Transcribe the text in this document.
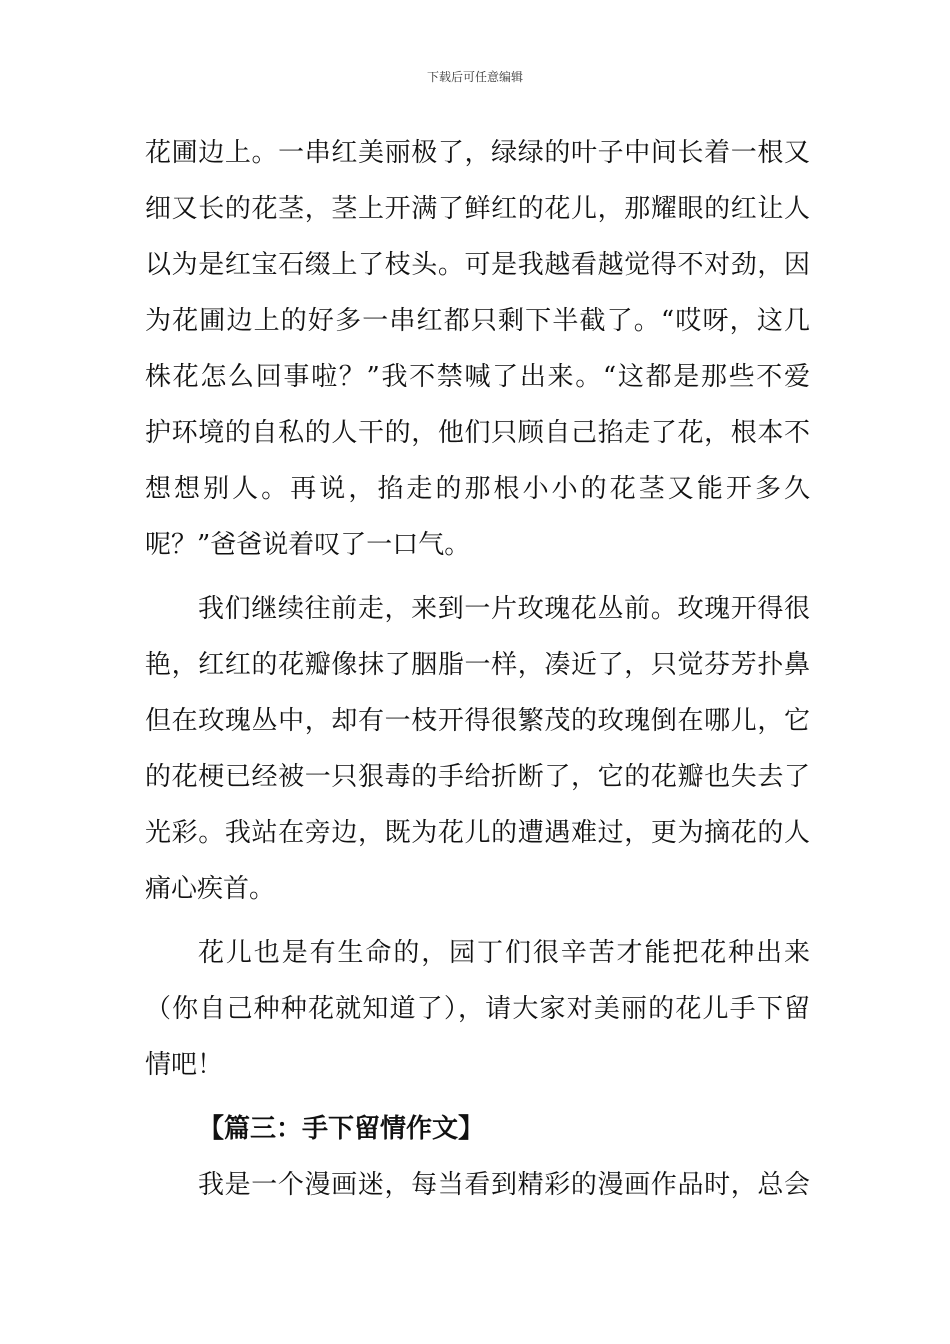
下载后可任意编辑
花圃边上。一串红美丽极了，绿绿的叶子中间长着一根又
细又长的花茎，茎上开满了鲜红的花儿，那耀眼的红让人
以为是红宝石缀上了枝头。可是我越看越觉得不对劲，因
为花圃边上的好多一串红都只剩下半截了。“哎呀，这几
株花怎么回事啦？”我不禁喊了出来。“这都是那些不爱
护环境的自私的人干的，他们只顾自己掐走了花，根本不
想想别人。再说，掐走的那根小小的花茎又能开多久
呢？”爸爸说着叹了一口气。
我们继续往前走，来到一片玫瑰花丛前。玫瑰开得很
艳，红红的花瓣像抹了胭脂一样，凑近了，只觉芬芳扑鼻
但在玫瑰丛中，却有一枝开得很繁茂的玫瑰倒在哪儿，它
的花梗已经被一只狠毒的手给折断了，它的花瓣也失去了
光彩。我站在旁边，既为花儿的遭遇难过，更为摘花的人
痛心疾首。
花儿也是有生命的，园丁们很辛苦才能把花种出来
（你自己种种花就知道了），请大家对美丽的花儿手下留
情吧！
【篇三：手下留情作文】
我是一个漫画迷，每当看到精彩的漫画作品时，总会
